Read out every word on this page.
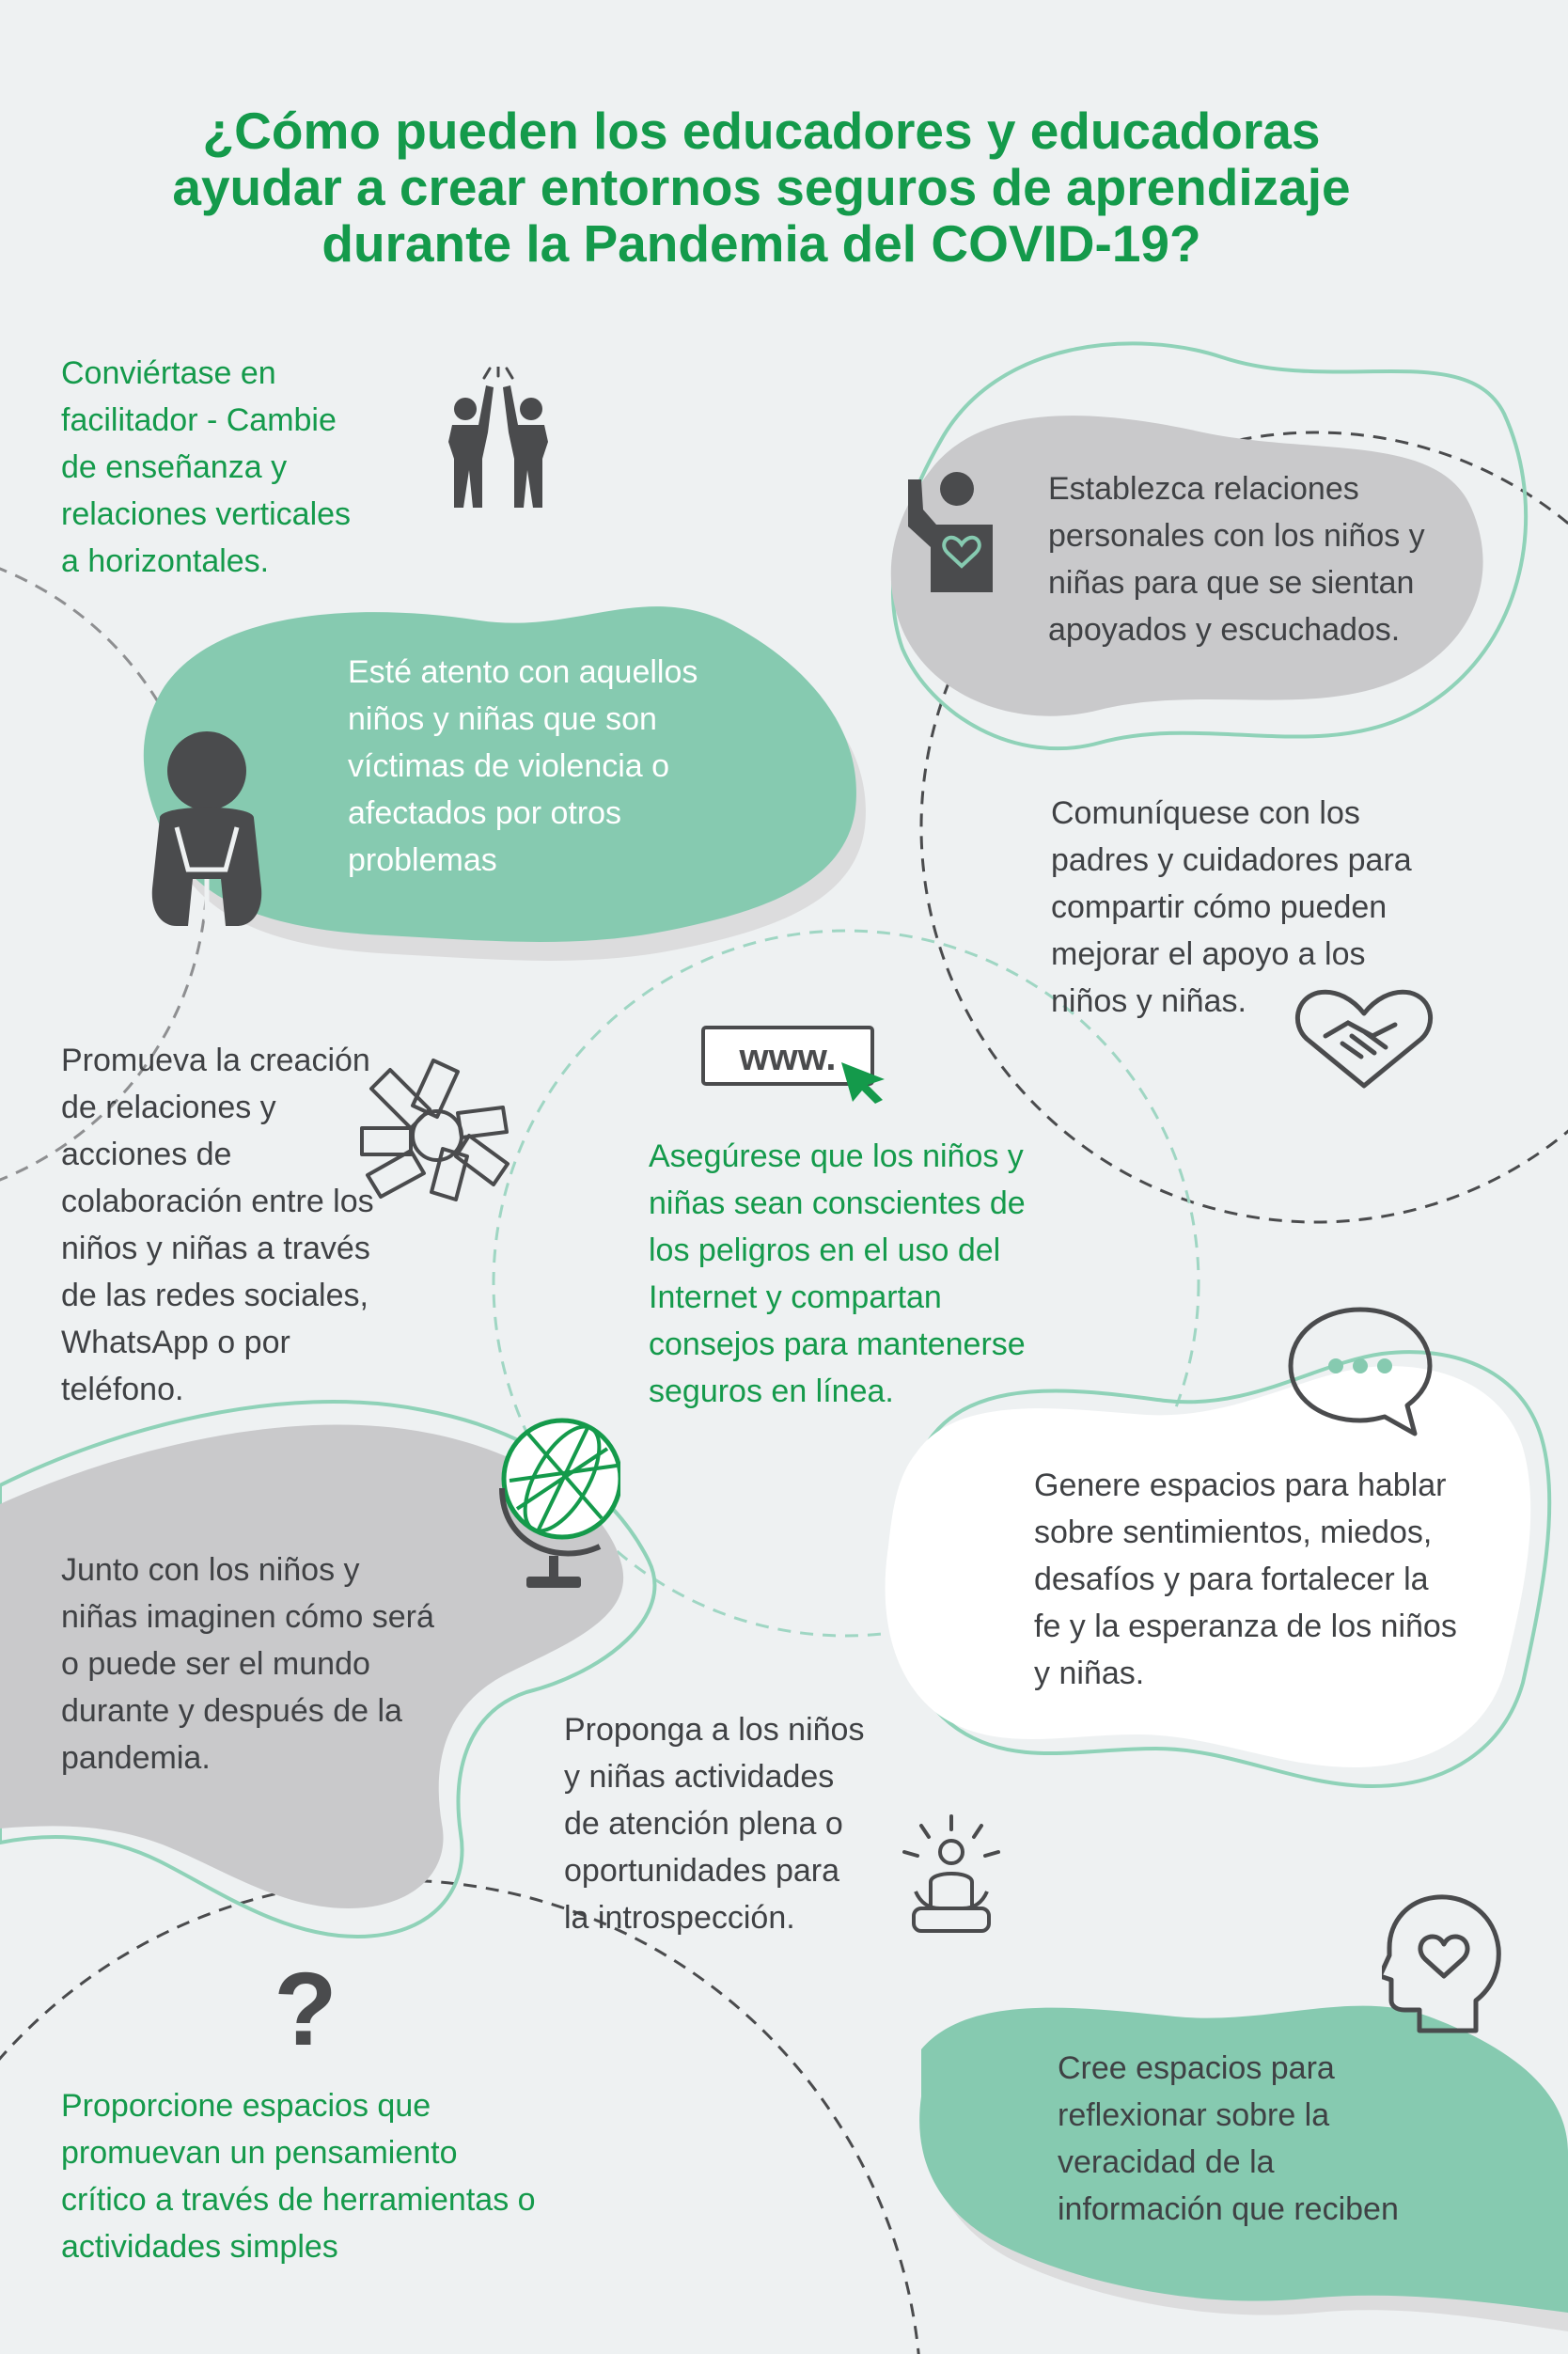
¿Cómo pueden los educadores y educadoras
ayudar a crear entornos seguros de aprendizaje
durante la Pandemia del COVID-19?

Conviértase en
facilitador - Cambie
de enseñanza y
relaciones verticales
a horizontales.

Esté atento con aquellos
niños y niñas que son
víctimas de violencia o
afectados por otros
problemas

Establezca relaciones
personales con los niños y
niñas para que se sientan
apoyados y escuchados.

Comuníquese con los
padres y cuidadores para
compartir cómo pueden
mejorar el apoyo a los
niños y niñas.

Promueva la creación
de relaciones y
acciones de
colaboración entre los
niños y niñas a través
de las redes sociales,
WhatsApp o por
teléfono.

Asegúrese que los niños y
niñas sean conscientes de
los peligros en el uso del
Internet y compartan
consejos para mantenerse
seguros en línea.

Junto con los niños y
niñas imaginen cómo será
o puede ser el mundo
durante y después de la
pandemia.

Genere espacios para hablar
sobre sentimientos, miedos,
desafíos y para fortalecer la
fe y la esperanza de los niños
y niñas.

Proponga a los niños
y niñas actividades
de atención plena o
oportunidades para
la introspección.

Proporcione espacios que
promuevan un pensamiento
crítico a través de herramientas o
actividades simples

Cree espacios para
reflexionar sobre la
veracidad de la
información que reciben

www.
?
